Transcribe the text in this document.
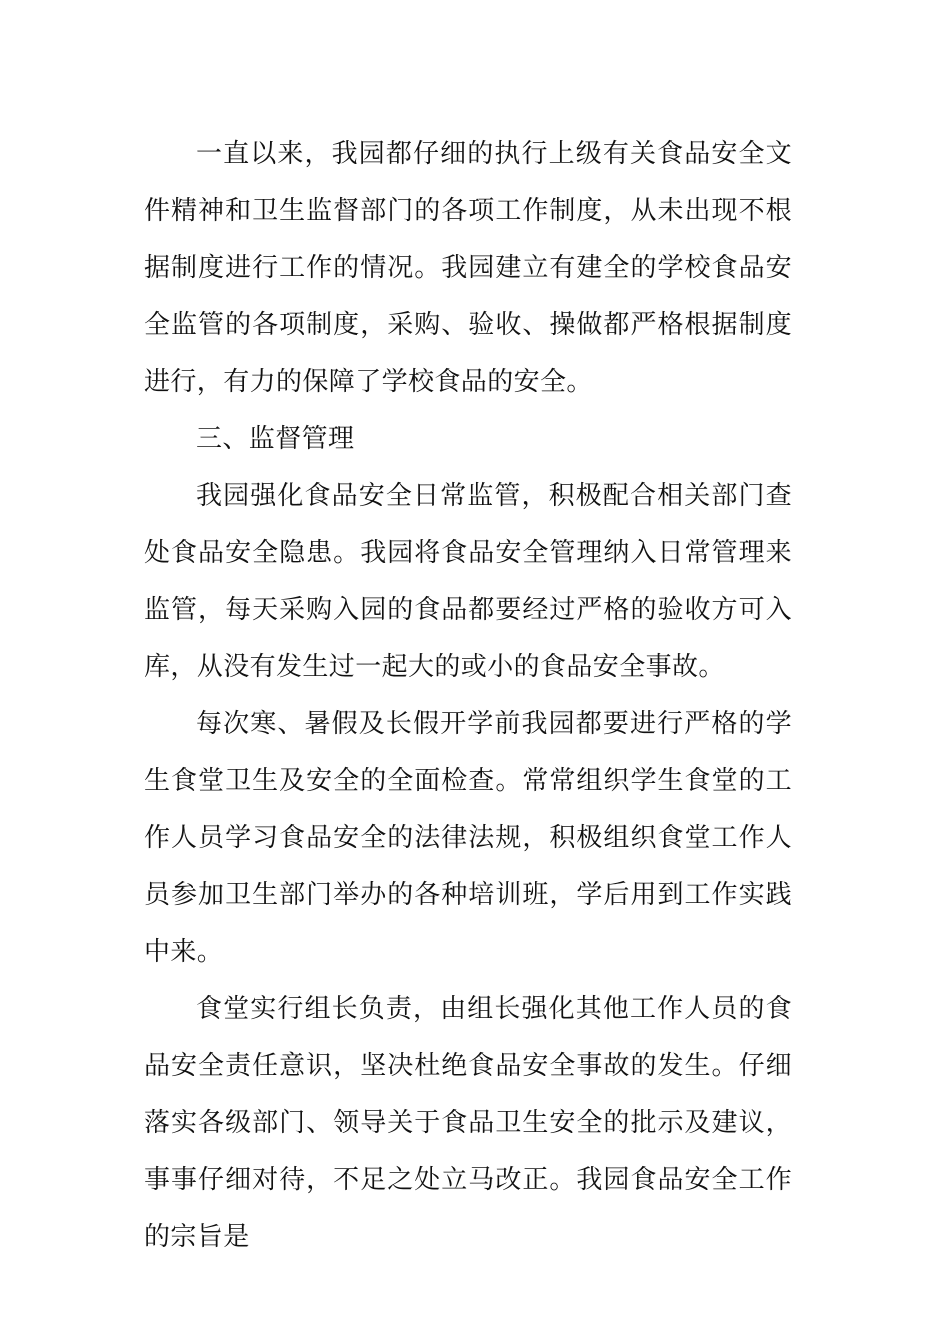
一直以来，我园都仔细的执行上级有关食品安全文件精神和卫生监督部门的各项工作制度，从未出现不根据制度进行工作的情况。我园建立有建全的学校食品安全监管的各项制度，采购、验收、操做都严格根据制度进行，有力的保障了学校食品的安全。

三、监督管理

我园强化食品安全日常监管，积极配合相关部门查处食品安全隐患。我园将食品安全管理纳入日常管理来监管，每天采购入园的食品都要经过严格的验收方可入库，从没有发生过一起大的或小的食品安全事故。

每次寒、暑假及长假开学前我园都要进行严格的学生食堂卫生及安全的全面检查。常常组织学生食堂的工作人员学习食品安全的法律法规，积极组织食堂工作人员参加卫生部门举办的各种培训班，学后用到工作实践中来。

食堂实行组长负责，由组长强化其他工作人员的食品安全责任意识，坚决杜绝食品安全事故的发生。仔细落实各级部门、领导关于食品卫生安全的批示及建议，事事仔细对待，不足之处立马改正。我园食品安全工作的宗旨是
